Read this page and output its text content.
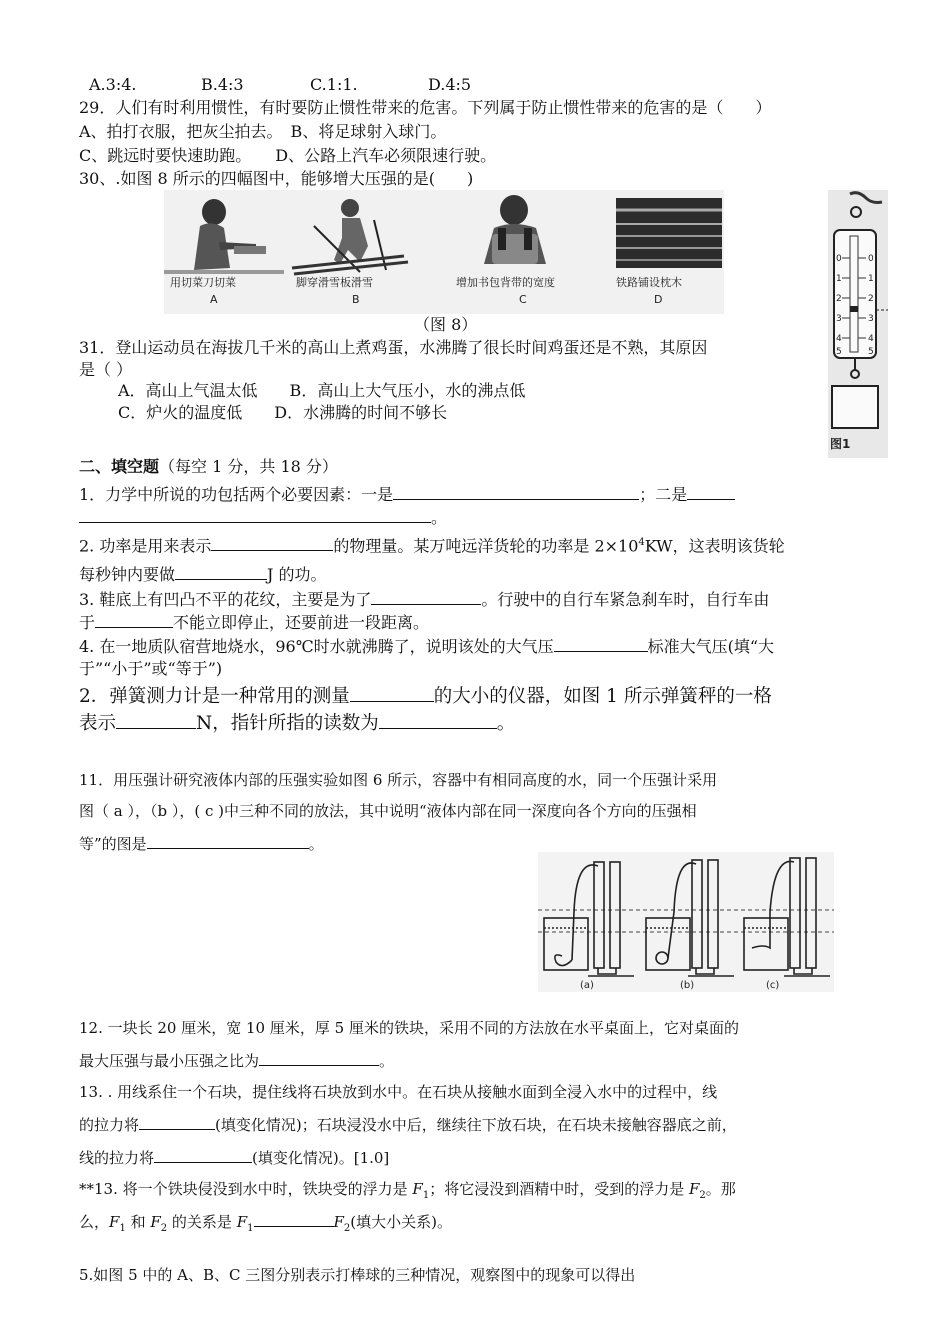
A.3:4.	B.4:3	C.1:1.	D.4:5
29．人们有时利用惯性，有时要防止惯性带来的危害。下列属于防止惯性带来的危害的是（　　）
A、拍打衣服，把灰尘拍去。　B、将足球射入球门。
C、跳远时要快速助跑。　　D、公路上汽车必须限速行驶。
30、.如图 8 所示的四幅图中，能够增大压强的是(　　)
用切菜刀切菜	脚穿滑雪板滑雪	增加书包背带的宽度	铁路铺设枕木
A	B	C	D
（图 8）
0
1
2
3
4
5
0
1
2
3
4
5
图1
31．登山运动员在海拔几千米的高山上煮鸡蛋，水沸腾了很长时间鸡蛋还是不熟，其原因
是（ ）
A．高山上气温太低　　B．高山上大气压小，水的沸点低
C．炉火的温度低　　D．水沸腾的时间不够长
二、填空题（每空 1 分，共 18 分）
1．力学中所说的功包括两个必要因素：一是	；二是
。
2. 功率是用来表示	的物理量。某万吨远洋货轮的功率是 $2\times 10^4KW$，这表明该货轮
每秒钟内要做	J 的功。
3. 鞋底上有凹凸不平的花纹，主要是为了	。行驶中的自行车紧急刹车时，自行车由
于	不能立即停止，还要前进一段距离。
4. 在一地质队宿营地烧水，96℃时水就沸腾了，说明该处的大气压	标准大气压(填“大
于”“小于”或“等于”)
2．弹簧测力计是一种常用的测量	的大小的仪器，如图 1 所示弹簧秤的一格
表示	N，指针所指的读数为	。
11．用压强计研究液体内部的压强实验如图 6 所示，容器中有相同高度的水，同一个压强计采用
图（ a ），（b ），( c )中三种不同的放法，其中说明“液体内部在同一深度向各个方向的压强相
等”的图是	。
(a)	(b)	(c)
12. 一块长 20 厘米，宽 10 厘米，厚 5 厘米的铁块，采用不同的方法放在水平桌面上，它对桌面的
最大压强与最小压强之比为	。
13. . 用线系住一个石块，提住线将石块放到水中。在石块从接触水面到全浸入水中的过程中，线
的拉力将	(填变化情况)；石块浸没水中后，继续往下放石块，在石块未接触容器底之前，
线的拉力将	(填变化情况)。[1.0]
**13. 将一个铁块侵没到水中时，铁块受的浮力是 $F_1$；将它浸没到酒精中时，受到的浮力是 $F_2$。那
么，$F_1$ 和 $F_2$ 的关系是 $F_1$	$F_2$(填大小关系)。
5.如图 5 中的 A、B、C 三图分别表示打棒球的三种情况，观察图中的现象可以得出
